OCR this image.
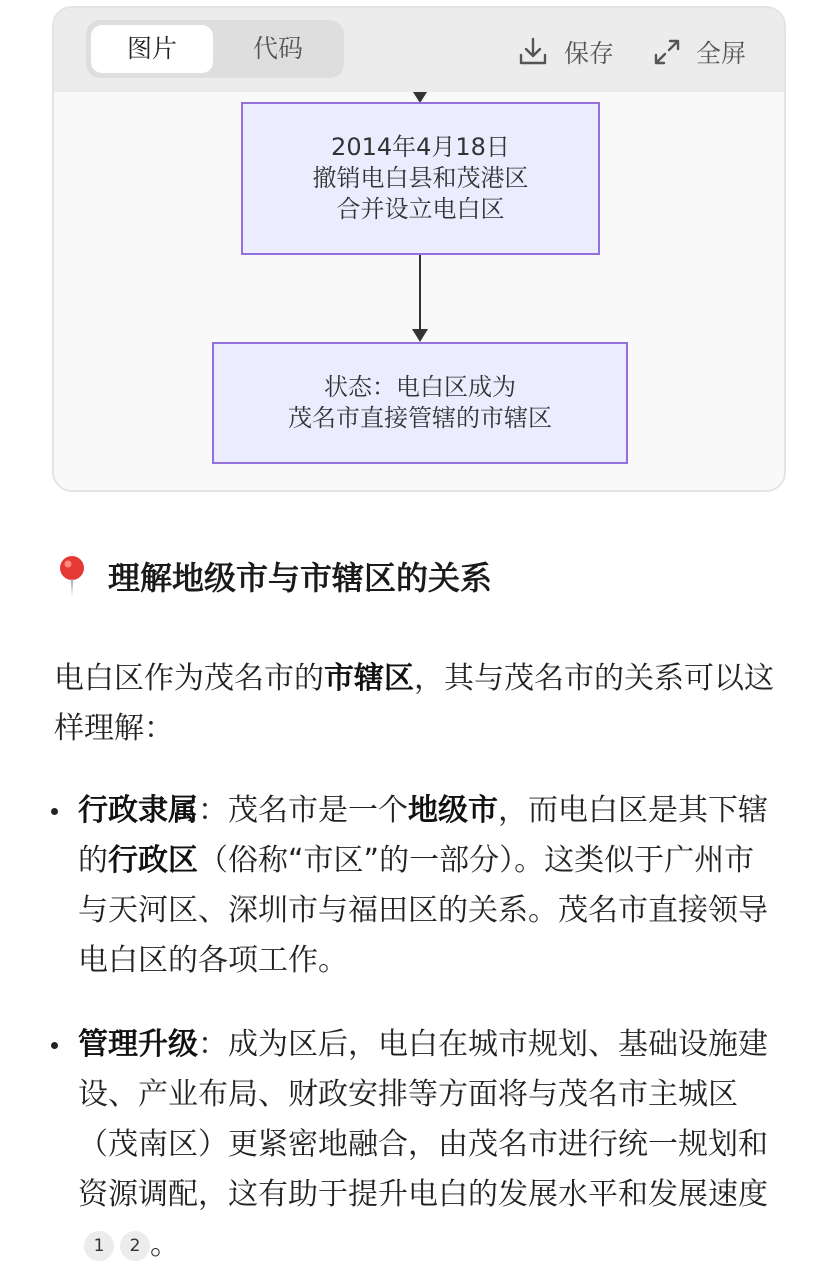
图片	代码	保存	全屏
2014年4月18日
撤销电白县和茂港区
合并设立电白区
状态：电白区成为
茂名市直接管辖的市辖区
理解地级市与市辖区的关系
电白区作为茂名市的市辖区，其与茂名市的关系可以这样理解：
行政隶属：茂名市是一个地级市，而电白区是其下辖的行政区（俗称“市区”的一部分）。这类似于广州市与天河区、深圳市与福田区的关系。茂名市直接领导电白区的各项工作。
管理升级：成为区后，电白在城市规划、基础设施建设、产业布局、财政安排等方面将与茂名市主城区（茂南区）更紧密地融合，由茂名市进行统一规划和资源调配，这有助于提升电白的发展水平和发展速度1 2 。
